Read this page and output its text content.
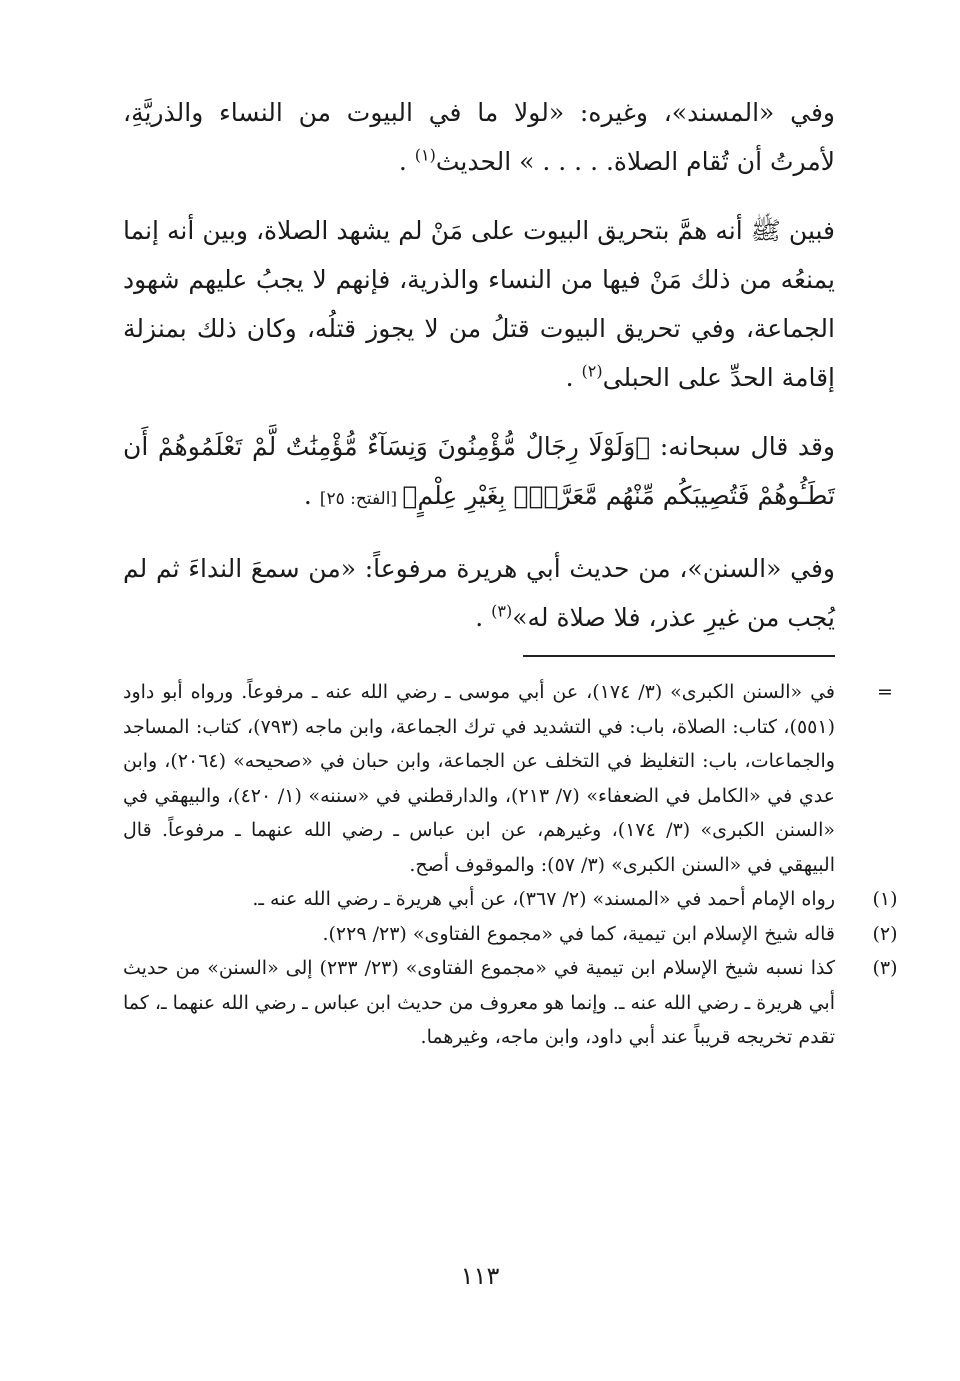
وفي «المسند»، وغيره: «لولا ما في البيوت من النساء والذريَّةِ، لأمرتُ أن تُقام الصلاة. . . . . » الحديث$^{(١)}$ .

فبين ﷺ أنه همَّ بتحريق البيوت على مَنْ لم يشهد الصلاة، وبين أنه إنما يمنعُه من ذلك مَنْ فيها من النساء والذرية، فإنهم لا يجبُ عليهم شهود الجماعة، وفي تحريق البيوت قتلُ من لا يجوز قتلُه، وكان ذلك بمنزلة إقامة الحدِّ على الحبلى$^{(٢)}$ .

وقد قال سبحانه: ﴿وَلَوْلَا رِجَالٌ مُّؤْمِنُونَ وَنِسَآءٌ مُّؤْمِنَٰتٌ لَّمْ تَعْلَمُوهُمْ أَن تَطَـُٔوهُمْ فَتُصِيبَكُم مِّنْهُم مَّعَرَّةٌۢ بِغَيْرِ عِلْمٍ﴾ [الفتح: ٢٥] .

وفي «السنن»، من حديث أبي هريرة مرفوعاً: «من سمعَ النداءَ ثم لم يُجب من غيرِ عذر، فلا صلاة له»$^{(٣)}$ .

=
في «السنن الكبرى» (٣/ ١٧٤)، عن أبي موسى ـ رضي الله عنه ـ مرفوعاً. ورواه أبو داود (٥٥١)، كتاب: الصلاة، باب: في التشديد في ترك الجماعة، وابن ماجه (٧٩٣)، كتاب: المساجد والجماعات، باب: التغليظ في التخلف عن الجماعة، وابن حبان في «صحيحه» (٢٠٦٤)، وابن عدي في «الكامل في الضعفاء» (٧/ ٢١٣)، والدارقطني في «سننه» (١/ ٤٢٠)، والبيهقي في «السنن الكبرى» (٣/ ١٧٤)، وغيرهم، عن ابن عباس ـ رضي الله عنهما ـ مرفوعاً. قال البيهقي في «السنن الكبرى» (٣/ ٥٧): والموقوف أصح.

(١)
رواه الإمام أحمد في «المسند» (٢/ ٣٦٧)، عن أبي هريرة ـ رضي الله عنه ـ.

(٢)
قاله شيخ الإسلام ابن تيمية، كما في «مجموع الفتاوى» (٢٣/ ٢٢٩).

(٣)
كذا نسبه شيخ الإسلام ابن تيمية في «مجموع الفتاوى» (٢٣/ ٢٣٣) إلى «السنن» من حديث أبي هريرة ـ رضي الله عنه ـ. وإنما هو معروف من حديث ابن عباس ـ رضي الله عنهما ـ، كما تقدم تخريجه قريباً عند أبي داود، وابن ماجه، وغيرهما.

١١٣
